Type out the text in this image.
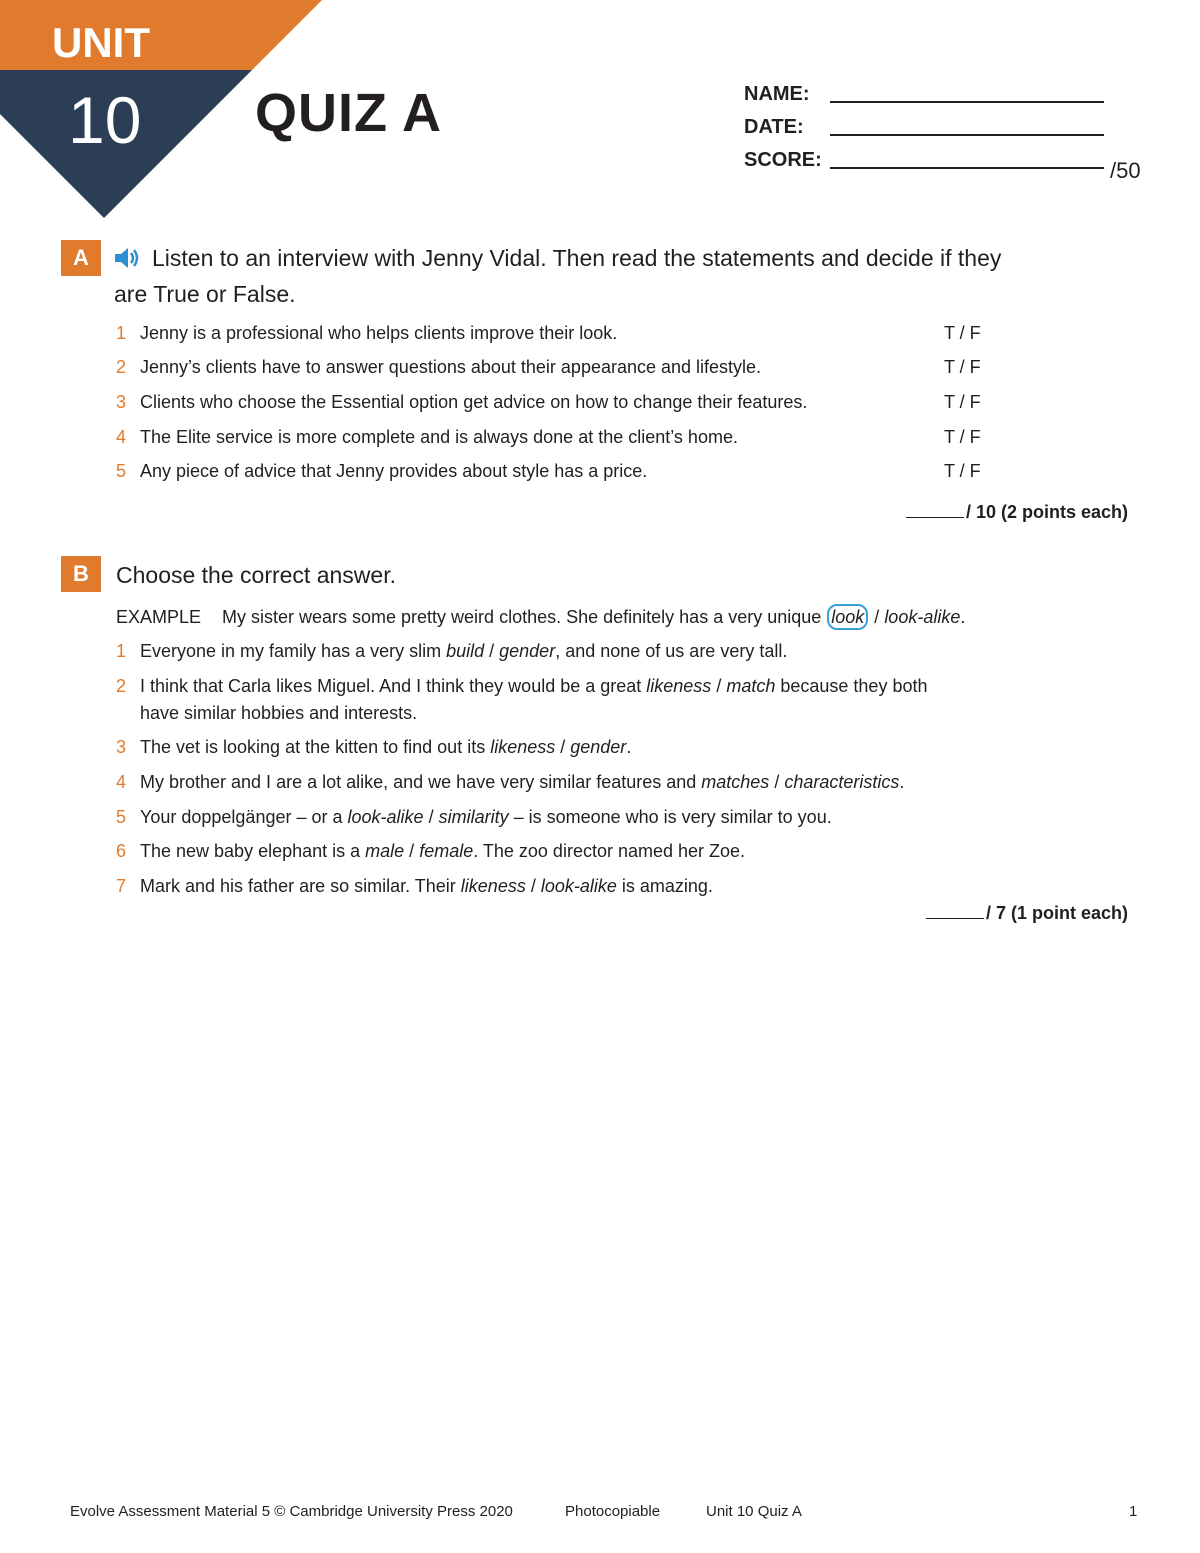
UNIT
10 QUIZ A	NAME:
DATE:
SCORE:	/50
A	Listen to an interview with Jenny Vidal. Then read the statements and decide if they
are True or False.
1 Jenny is a professional who helps clients improve their look.	T / F
2 Jenny’s clients have to answer questions about their appearance and lifestyle.	T / F
3 Clients who choose the Essential option get advice on how to change their features.	T / F
4 The Elite service is more complete and is always done at the client’s home.	T / F
5 Any piece of advice that Jenny provides about style has a price.	T / F
/ 10 (2 points each)
B	Choose the correct answer.
EXAMPLE My sister wears some pretty weird clothes. She definitely has a very unique look / look-alike.
1 Everyone in my family has a very slim build / gender, and none of us are very tall.
2 I think that Carla likes Miguel. And I think they would be a great likeness / match because they both
have similar hobbies and interests.
3 The vet is looking at the kitten to find out its likeness / gender.
4 My brother and I are a lot alike, and we have very similar features and matches / characteristics.
5 Your doppelgänger – or a look-alike / similarity – is someone who is very similar to you.
6 The new baby elephant is a male / female. The zoo director named her Zoe.
7 Mark and his father are so similar. Their likeness / look-alike is amazing.
/ 7 (1 point each)
Evolve Assessment Material 5 © Cambridge University Press 2020	Photocopiable	Unit 10 Quiz A	1
